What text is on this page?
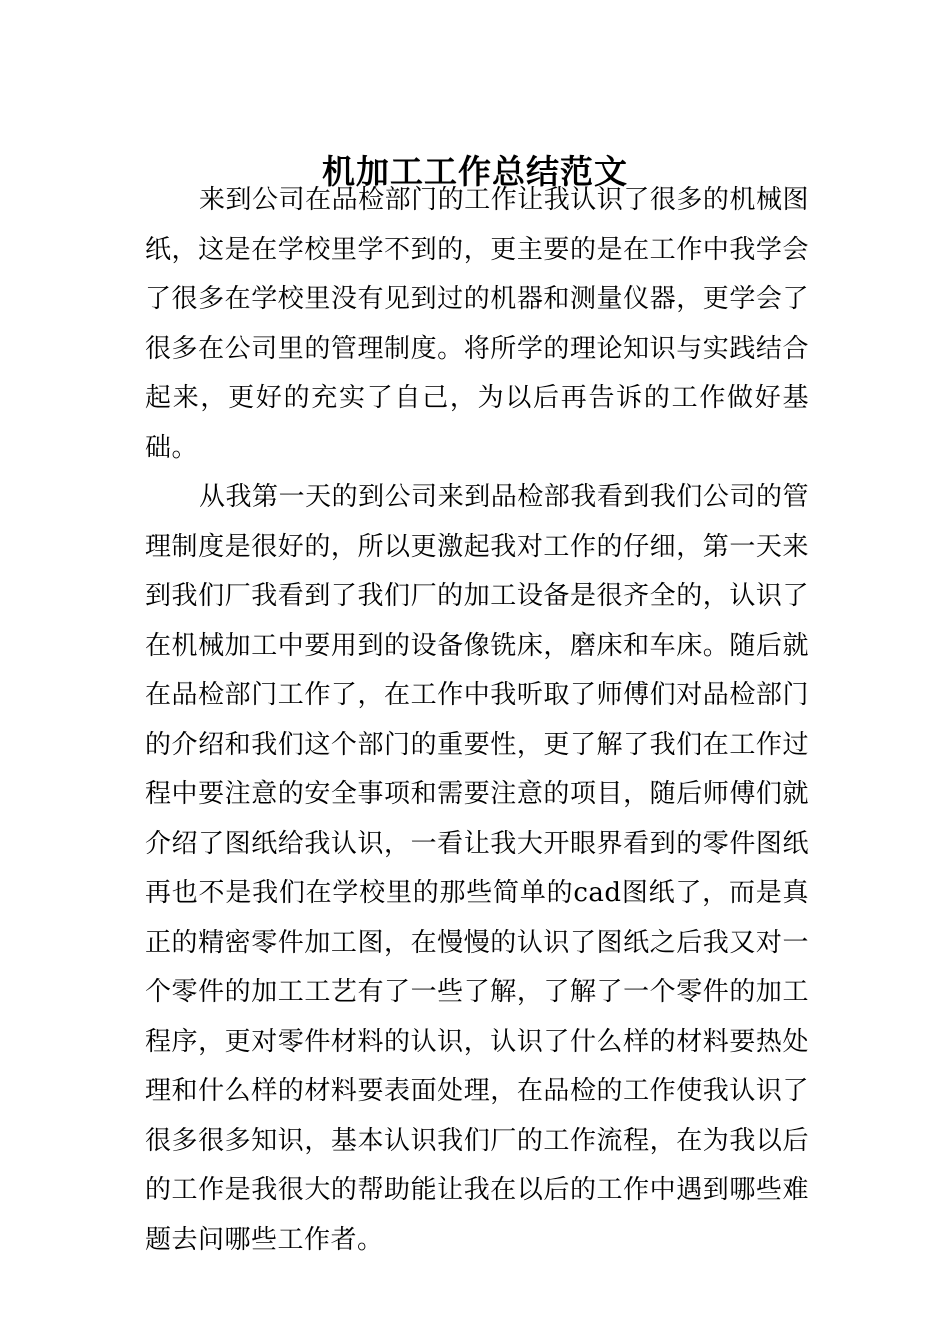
机加工工作总结范文

来到公司在品检部门的工作让我认识了很多的机械图纸，这是在学校里学不到的，更主要的是在工作中我学会了很多在学校里没有见到过的机器和测量仪器，更学会了很多在公司里的管理制度。将所学的理论知识与实践结合起来，更好的充实了自己，为以后再告诉的工作做好基础。

从我第一天的到公司来到品检部我看到我们公司的管理制度是很好的，所以更激起我对工作的仔细，第一天来到我们厂我看到了我们厂的加工设备是很齐全的，认识了在机械加工中要用到的设备像铣床，磨床和车床。随后就在品检部门工作了，在工作中我听取了师傅们对品检部门的介绍和我们这个部门的重要性，更了解了我们在工作过程中要注意的安全事项和需要注意的项目，随后师傅们就介绍了图纸给我认识，一看让我大开眼界看到的零件图纸再也不是我们在学校里的那些简单的cad图纸了，而是真正的精密零件加工图，在慢慢的认识了图纸之后我又对一个零件的加工工艺有了一些了解，了解了一个零件的加工程序，更对零件材料的认识，认识了什么样的材料要热处理和什么样的材料要表面处理，在品检的工作使我认识了很多很多知识，基本认识我们厂的工作流程，在为我以后的工作是我很大的帮助能让我在以后的工作中遇到哪些难题去问哪些工作者。
